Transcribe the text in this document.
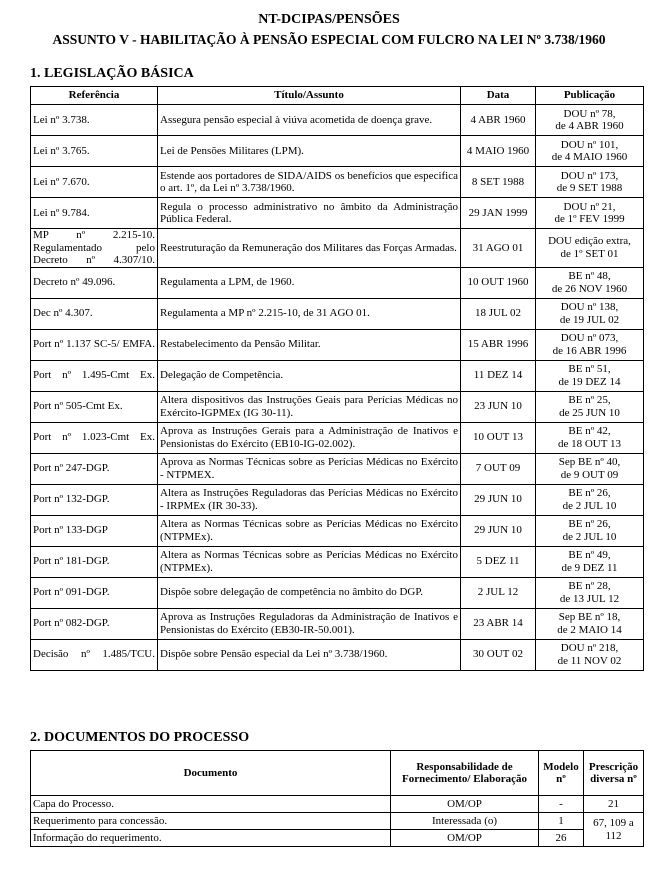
NT-DCIPAS/PENSÕES
ASSUNTO V - HABILITAÇÃO À PENSÃO ESPECIAL COM FULCRO NA LEI Nº 3.738/1960
1. LEGISLAÇÃO BÁSICA
Referência	Título/Assunto	Data	Publicação
Lei nº 3.738.	Assegura pensão especial à viúva acometida de doença grave.	4 ABR 1960	DOU nº 78,
de 4 ABR 1960

Lei nº 3.765.	Lei de Pensões Militares (LPM).	4 MAIO 1960	DOU nº 101,
de 4 MAIO 1960

Lei nº 7.670.	Estende aos portadores de SIDA/AIDS os benefícios que especifica o art. 1º, da Lei nº 3.738/1960.	8 SET 1988	DOU nº 173,
de 9 SET 1988

Lei nº 9.784.	Regula o processo administrativo no âmbito da Administração Pública Federal.	29 JAN 1999	DOU nº 21,
de 1º FEV 1999

MP nº 2.215-10. Regulamentado pelo Decreto nº 4.307/10.	Reestruturação da Remuneração dos Militares das Forças Armadas.	31 AGO 01	DOU edição extra,
de 1º SET 01

Decreto nº 49.096.	Regulamenta a LPM, de 1960.	10 OUT 1960	BE nº 48,
de 26 NOV 1960

Dec nº 4.307.	Regulamenta a MP nº 2.215-10, de 31 AGO 01.	18 JUL 02	DOU nº 138,
de 19 JUL 02

Port nº 1.137 SC-5/ EMFA.	Restabelecimento da Pensão Militar.	15 ABR 1996	DOU nº 073,
de 16 ABR 1996

Port nº 1.495-Cmt Ex.	Delegação de Competência.	11 DEZ 14	BE nº 51,
de 19 DEZ 14

Port nº 505-Cmt Ex.	Altera dispositivos das Instruções Geais para Perícias Médicas no Exército-IGPMEx (IG 30-11).	23 JUN 10	BE nº 25,
de 25 JUN 10

Port nº 1.023-Cmt Ex.	Aprova as Instruções Gerais para a Administração de Inativos e Pensionistas do Exército (EB10-IG-02.002).	10 OUT 13	BE nº 42,
de 18 OUT 13

Port nº 247-DGP.	Aprova as Normas Técnicas sobre as Perícias Médicas no Exército - NTPMEX.	7 OUT 09	Sep BE nº 40,
de 9 OUT 09

Port nº 132-DGP.	Altera as Instruções Reguladoras das Perícias Médicas no Exército - IRPMEx (IR 30-33).	29 JUN 10	BE nº 26,
de 2 JUL 10

Port nº 133-DGP	Altera as Normas Técnicas sobre as Perícias Médicas no Exército (NTPMEx).	29 JUN 10	BE nº 26,
de 2 JUL 10

Port nº 181-DGP.	Altera as Normas Técnicas sobre as Perícias Médicas no Exército (NTPMEx).	5 DEZ 11	BE nº 49,
de 9 DEZ 11

Port nº 091-DGP.	Dispõe sobre delegação de competência no âmbito do DGP.	2 JUL 12	BE nº 28,
de 13 JUL 12

Port nº 082-DGP.	Aprova as Instruções Reguladoras da Administração de Inativos e Pensionistas do Exército (EB30-IR-50.001).	23 ABR 14	Sep BE nº 18,
de 2 MAIO 14

Decisão nº 1.485/TCU.	Dispõe sobre Pensão especial da Lei nº 3.738/1960.	30 OUT 02	DOU nº 218,
de 11 NOV 02
2. DOCUMENTOS DO PROCESSO
Documento	Responsabilidade de Fornecimento/ Elaboração	Modelo nº	Prescrição diversa nº
Capa do Processo.	OM/OP	-	21
Requerimento para concessão.	Interessada (o)	1	67, 109 a 112
Informação do requerimento.	OM/OP	26	
